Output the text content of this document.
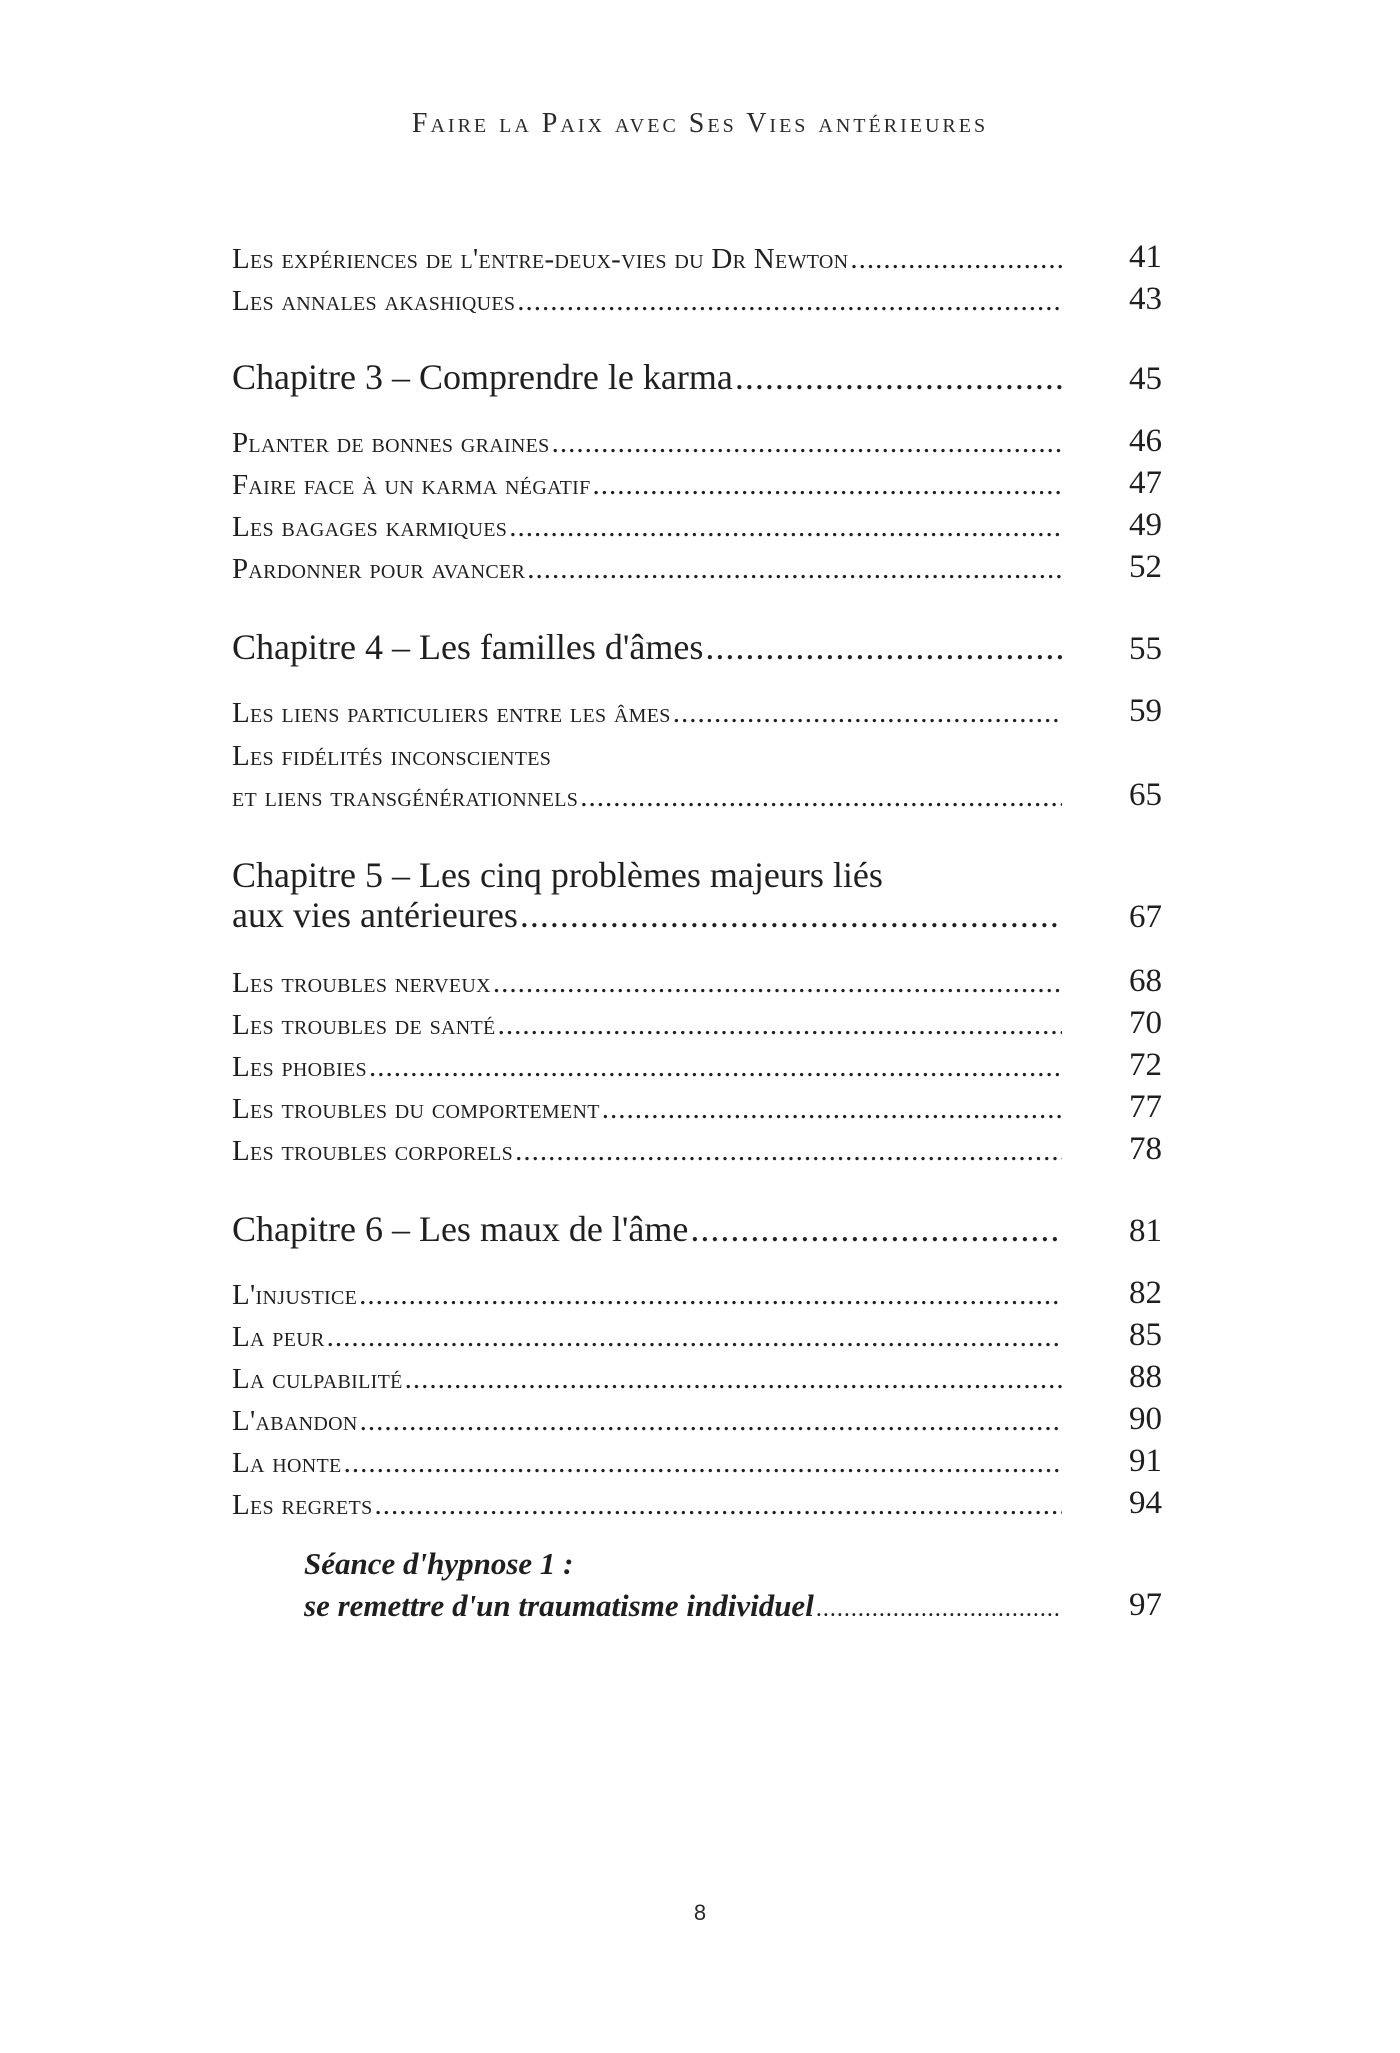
Faire la Paix avec Ses Vies antérieures
Les expériences de l'entre-deux-vies du Dr Newton .....	41
Les annales akashiques .....	43
Chapitre 3 – Comprendre le karma .....	45
Planter de bonnes graines .....	46
Faire face à un karma négatif .....	47
Les bagages karmiques .....	49
Pardonner pour avancer .....	52
Chapitre 4 – Les familles d'âmes .....	55
Les liens particuliers entre les âmes .....	59
Les fidélités inconscientes
et liens transgénérationnels .....	65
Chapitre 5 – Les cinq problèmes majeurs liés
aux vies antérieures .....	67
Les troubles nerveux .....	68
Les troubles de santé .....	70
Les phobies .....	72
Les troubles du comportement .....	77
Les troubles corporels .....	78
Chapitre 6 – Les maux de l'âme .....	81
L'injustice .....	82
La peur .....	85
La culpabilité .....	88
L'abandon .....	90
La honte .....	91
Les regrets .....	94
Séance d'hypnose 1 :
se remettre d'un traumatisme individuel .....	97
8
